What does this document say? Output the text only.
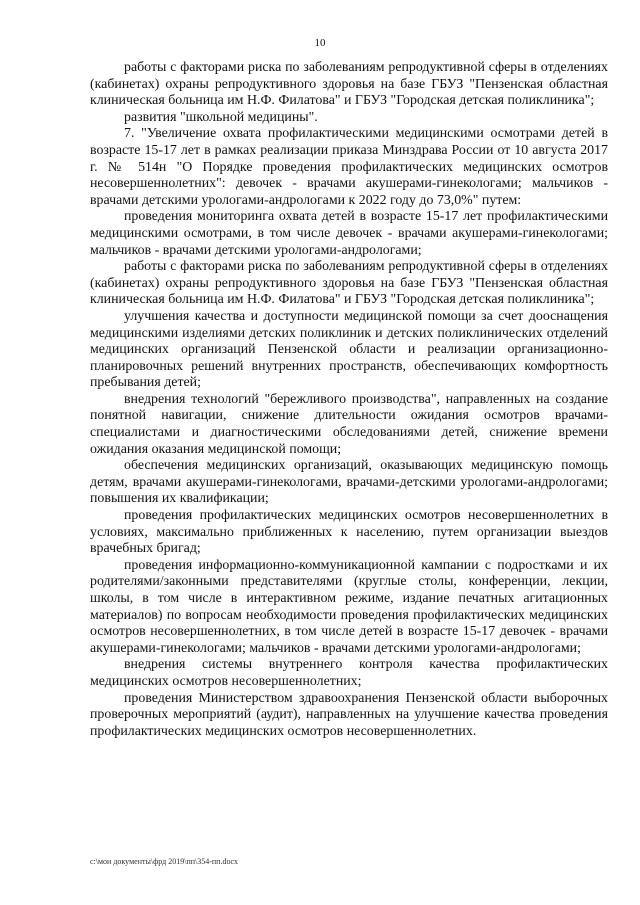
10

работы с факторами риска по заболеваниям репродуктивной сферы в отделениях (кабинетах) охраны репродуктивного здоровья на базе ГБУЗ "Пензенская областная клиническая больница им Н.Ф. Филатова" и ГБУЗ "Городская детская поликлиника";

развития "школьной медицины".

7. "Увеличение охвата профилактическими медицинскими осмотрами детей в возрасте 15-17 лет в рамках реализации приказа Минздрава России от 10 августа 2017 г. № 514н "О Порядке проведения профилактических медицинских осмотров несовершеннолетних": девочек - врачами акушерами-гинекологами; мальчиков - врачами детскими урологами-андрологами к 2022 году до 73,0%" путем:

проведения мониторинга охвата детей в возрасте 15-17 лет профилактическими медицинскими осмотрами, в том числе девочек - врачами акушерами-гинекологами; мальчиков - врачами детскими урологами-андрологами;

работы с факторами риска по заболеваниям репродуктивной сферы в отделениях (кабинетах) охраны репродуктивного здоровья на базе ГБУЗ "Пензенская областная клиническая больница им Н.Ф. Филатова" и ГБУЗ "Городская детская поликлиника";

улучшения качества и доступности медицинской помощи за счет дооснащения медицинскими изделиями детских поликлиник и детских поликлинических отделений медицинских организаций Пензенской области и реализации организационно-планировочных решений внутренних пространств, обеспечивающих комфортность пребывания детей;

внедрения технологий "бережливого производства", направленных на создание понятной навигации, снижение длительности ожидания осмотров врачами-специалистами и диагностическими обследованиями детей, снижение времени ожидания оказания медицинской помощи;

обеспечения медицинских организаций, оказывающих медицинскую помощь детям, врачами акушерами-гинекологами, врачами-детскими урологами-андрологами; повышения их квалификации;

проведения профилактических медицинских осмотров несовершеннолетних в условиях, максимально приближенных к населению, путем организации выездов врачебных бригад;

проведения информационно-коммуникационной кампании с подростками и их родителями/законными представителями (круглые столы, конференции, лекции, школы, в том числе в интерактивном режиме, издание печатных агитационных материалов) по вопросам необходимости проведения профилактических медицинских осмотров несовершеннолетних, в том числе детей в возрасте 15-17 девочек - врачами акушерами-гинекологами; мальчиков - врачами детскими урологами-андрологами;

внедрения системы внутреннего контроля качества профилактических медицинских осмотров несовершеннолетних;

проведения Министерством здравоохранения Пензенской области выборочных проверочных мероприятий (аудит), направленных на улучшение качества проведения профилактических медицинских осмотров несовершеннолетних.

c:\мои документы\фрд 2019\пп\354-пп.docx
